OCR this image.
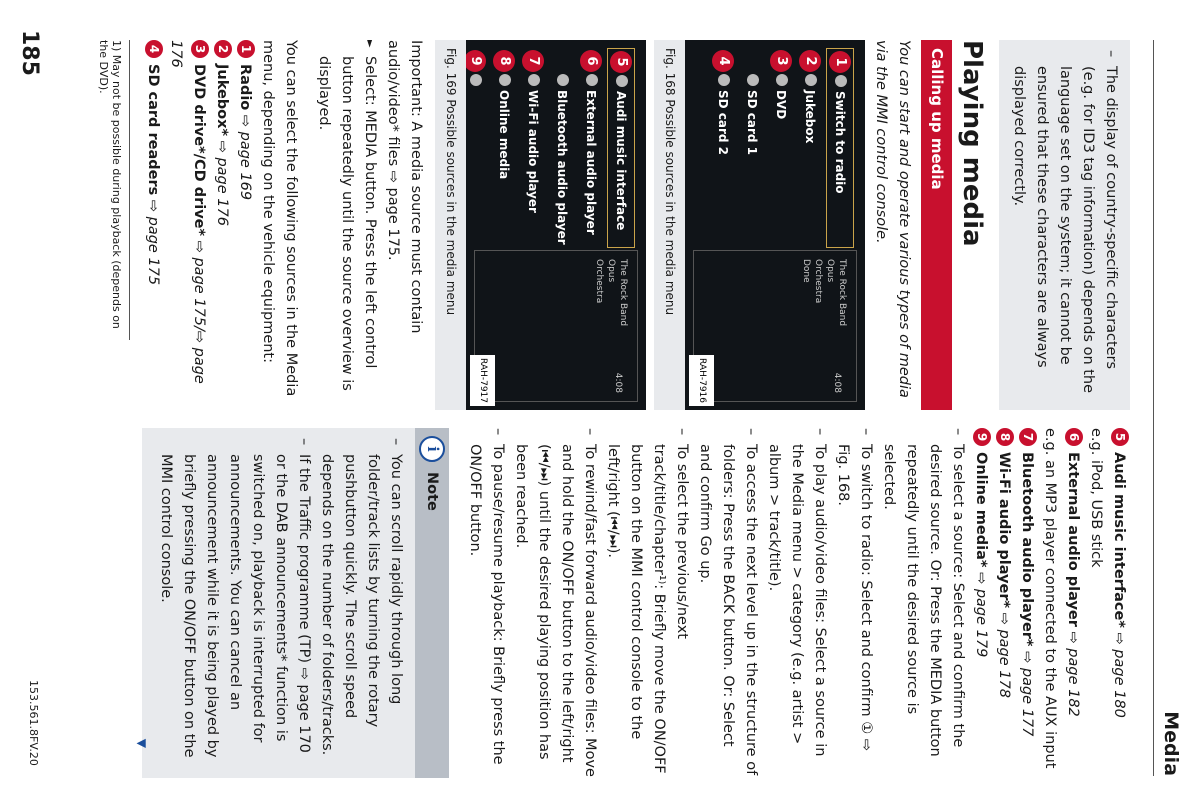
Media

– The display of country-specific characters (e.g. for ID3 tag information) depends on the language set on the system; it cannot be ensured that these characters are always displayed correctly.

Playing media
Calling up media

You can start and operate various types of media via the MMI control console.

1
Switch to radio
2
Jukebox
3
DVD
SD card 1
4
SD card 2
The Rock Band
Opus
Orchestra
Done
4:08
RAH-7916
Fig. 168 Possible sources in the media menu
5
Audi music interface
6
External audio player
Bluetooth audio player
7
Wi-Fi audio player
8
Online media
9
The Rock Band
Opus
Orchestra
4:08
RAH-7917
Fig. 169 Possible sources in the media menu

Important: A media source must contain audio/video* files ⇨ page 175.

► Select: MEDIA button. Press the left control button repeatedly until the source overview is displayed.

You can select the following sources in the Media menu, depending on the vehicle equipment:

1Radio ⇨ page 169

2Jukebox* ⇨ page 176

3DVD drive*/CD drive* ⇨ page 175/⇨ page 176

4SD card readers ⇨ page 175

5Audi music interface* ⇨ page 180

e.g. iPod, USB stick

6External audio player ⇨ page 182

e.g. an MP3 player connected to the AUX input

7Bluetooth audio player* ⇨ page 177

8Wi-Fi audio player* ⇨ page 178

9Online media* ⇨ page 179

– To select a source: Select and confirm the desired source. Or: Press the MEDIA button repeatedly until the desired source is selected.

– To switch to radio: Select and confirm ① ⇨ Fig. 168.

– To play audio/video files: Select a source in the Media menu > category (e.g. artist > album > track/title).

– To access the next level up in the structure of folders: Press the BACK button. Or: Select and confirm Go up.

– To select the previous/next track/title/chapter¹⁾: Briefly move the ON/OFF button on the MMI control console to the left/right (⏮/⏭).

– To rewind/fast forward audio/video files: Move and hold the ON/OFF button to the left/right (⏮/⏭) until the desired playing position has been reached.

– To pause/resume playback: Briefly press the ON/OFF button.

i
Note

– You can scroll rapidly through long folder/track lists by turning the rotary pushbutton quickly. The scroll speed depends on the number of folders/tracks.

– If the Traffic programme (TP) ⇨ page 170 or the DAB announcements* function is switched on, playback is interrupted for announcements. You can cancel an announcement while it is being played by briefly pressing the ON/OFF button on the MMI control console.

▼
1) May not be possible during playback (depends on the DVD).
185
153.561.8FV.20
